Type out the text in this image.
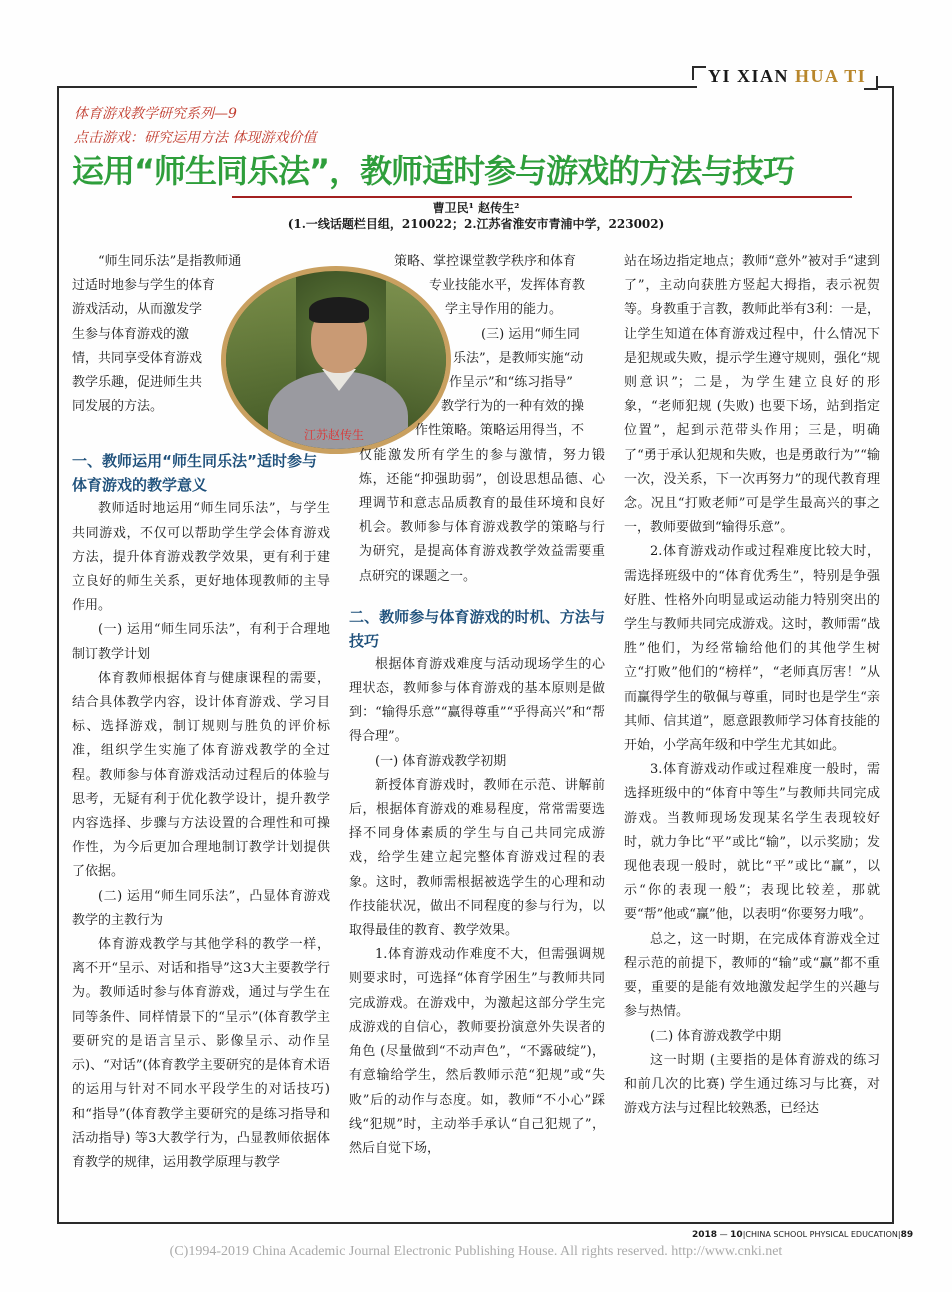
YI XIAN HUA TI
体育游戏教学研究系列—9
点击游戏：研究运用方法 体现游戏价值
运用“师生同乐法”，教师适时参与游戏的方法与技巧
曹卫民¹ 赵传生²
(1.一线话题栏目组，210022；2.江苏省淮安市青浦中学，223002)

“师生同乐法”是指教师通

过适时地参与学生的体育

游戏活动，从而激发学

生参与体育游戏的激

情，共同享受体育游戏

教学乐趣，促进师生共

同发展的方法。

一、教师运用“师生同乐法”适时参与体育游戏的教学意义

教师适时地运用“师生同乐法”，与学生共同游戏，不仅可以帮助学生学会体育游戏方法，提升体育游戏教学效果，更有利于建立良好的师生关系，更好地体现教师的主导作用。

(一) 运用“师生同乐法”，有利于合理地制订教学计划

体育教师根据体育与健康课程的需要，结合具体教学内容，设计体育游戏、学习目标、选择游戏，制订规则与胜负的评价标准，组织学生实施了体育游戏教学的全过程。教师参与体育游戏活动过程后的体验与思考，无疑有利于优化教学设计，提升教学内容选择、步骤与方法设置的合理性和可操作性，为今后更加合理地制订教学计划提供了依据。

(二) 运用“师生同乐法”，凸显体育游戏教学的主教行为

体育游戏教学与其他学科的教学一样，离不开“呈示、对话和指导”这3大主要教学行为。教师适时参与体育游戏，通过与学生在同等条件、同样情景下的“呈示”(体育教学主要研究的是语言呈示、影像呈示、动作呈示)、“对话”(体育教学主要研究的是体育术语的运用与针对不同水平段学生的对话技巧) 和“指导”(体育教学主要研究的是练习指导和活动指导) 等3大教学行为，凸显教师依据体育教学的规律，运用教学原理与教学

江苏赵传生

策略、掌控课堂教学秩序和体育

专业技能水平，发挥体育教

学主导作用的能力。

(三) 运用“师生同

乐法”，是教师实施“动

作呈示”和“练习指导”

教学行为的一种有效的操

作性策略。策略运用得当，不

仅能激发所有学生的参与激情，努力锻炼，还能“抑强助弱”，创设思想品德、心理调节和意志品质教育的最佳环境和良好机会。教师参与体育游戏教学的策略与行为研究，是提高体育游戏教学效益需要重点研究的课题之一。

二、教师参与体育游戏的时机、方法与技巧

根据体育游戏难度与活动现场学生的心理状态，教师参与体育游戏的基本原则是做到：“输得乐意”“赢得尊重”“乎得高兴”和“帮得合理”。

(一) 体育游戏教学初期

新授体育游戏时，教师在示范、讲解前后，根据体育游戏的难易程度，常常需要选择不同身体素质的学生与自己共同完成游戏，给学生建立起完整体育游戏过程的表象。这时，教师需根据被选学生的心理和动作技能状况，做出不同程度的参与行为，以取得最佳的教育、教学效果。

1.体育游戏动作难度不大，但需强调规则要求时，可选择“体育学困生”与教师共同完成游戏。在游戏中，为激起这部分学生完成游戏的自信心，教师要扮演意外失误者的角色 (尽量做到“不动声色”，“不露破绽”)，有意输给学生，然后教师示范“犯规”或“失败”后的动作与态度。如，教师“不小心”踩线“犯规”时，主动举手承认“自己犯规了”，然后自觉下场，

站在场边指定地点；教师“意外”被对手“逮到了”，主动向获胜方竖起大拇指，表示祝贺等。身教重于言教，教师此举有3利：一是，让学生知道在体育游戏过程中，什么情况下是犯规或失败，提示学生遵守规则，强化“规则意识”；二是，为学生建立良好的形象，“老师犯规 (失败) 也要下场，站到指定位置”，起到示范带头作用；三是，明确了“勇于承认犯规和失败，也是勇敢行为”“输一次，没关系，下一次再努力”的现代教育理念。况且“打败老师”可是学生最高兴的事之一，教师要做到“输得乐意”。

2.体育游戏动作或过程难度比较大时，需选择班级中的“体育优秀生”，特别是争强好胜、性格外向明显或运动能力特别突出的学生与教师共同完成游戏。这时，教师需“战胜”他们，为经常输给他们的其他学生树立“打败”他们的“榜样”，“老师真厉害！”从而赢得学生的敬佩与尊重，同时也是学生“亲其师、信其道”，愿意跟教师学习体育技能的开始，小学高年级和中学生尤其如此。

3.体育游戏动作或过程难度一般时，需选择班级中的“体育中等生”与教师共同完成游戏。当教师现场发现某名学生表现较好时，就力争比“平”或比“输”，以示奖励；发现他表现一般时，就比“平”或比“赢”，以示“你的表现一般”；表现比较差，那就要“帮”他或“赢”他，以表明“你要努力哦”。

总之，这一时期，在完成体育游戏全过程示范的前提下，教师的“输”或“赢”都不重要，重要的是能有效地激发起学生的兴趣与参与热情。

(二) 体育游戏教学中期

这一时期 (主要指的是体育游戏的练习和前几次的比赛) 学生通过练习与比赛，对游戏方法与过程比较熟悉，已经达

2018 — 10|CHINA SCHOOL PHYSICAL EDUCATION|89
(C)1994-2019 China Academic Journal Electronic Publishing House. All rights reserved. http://www.cnki.net
